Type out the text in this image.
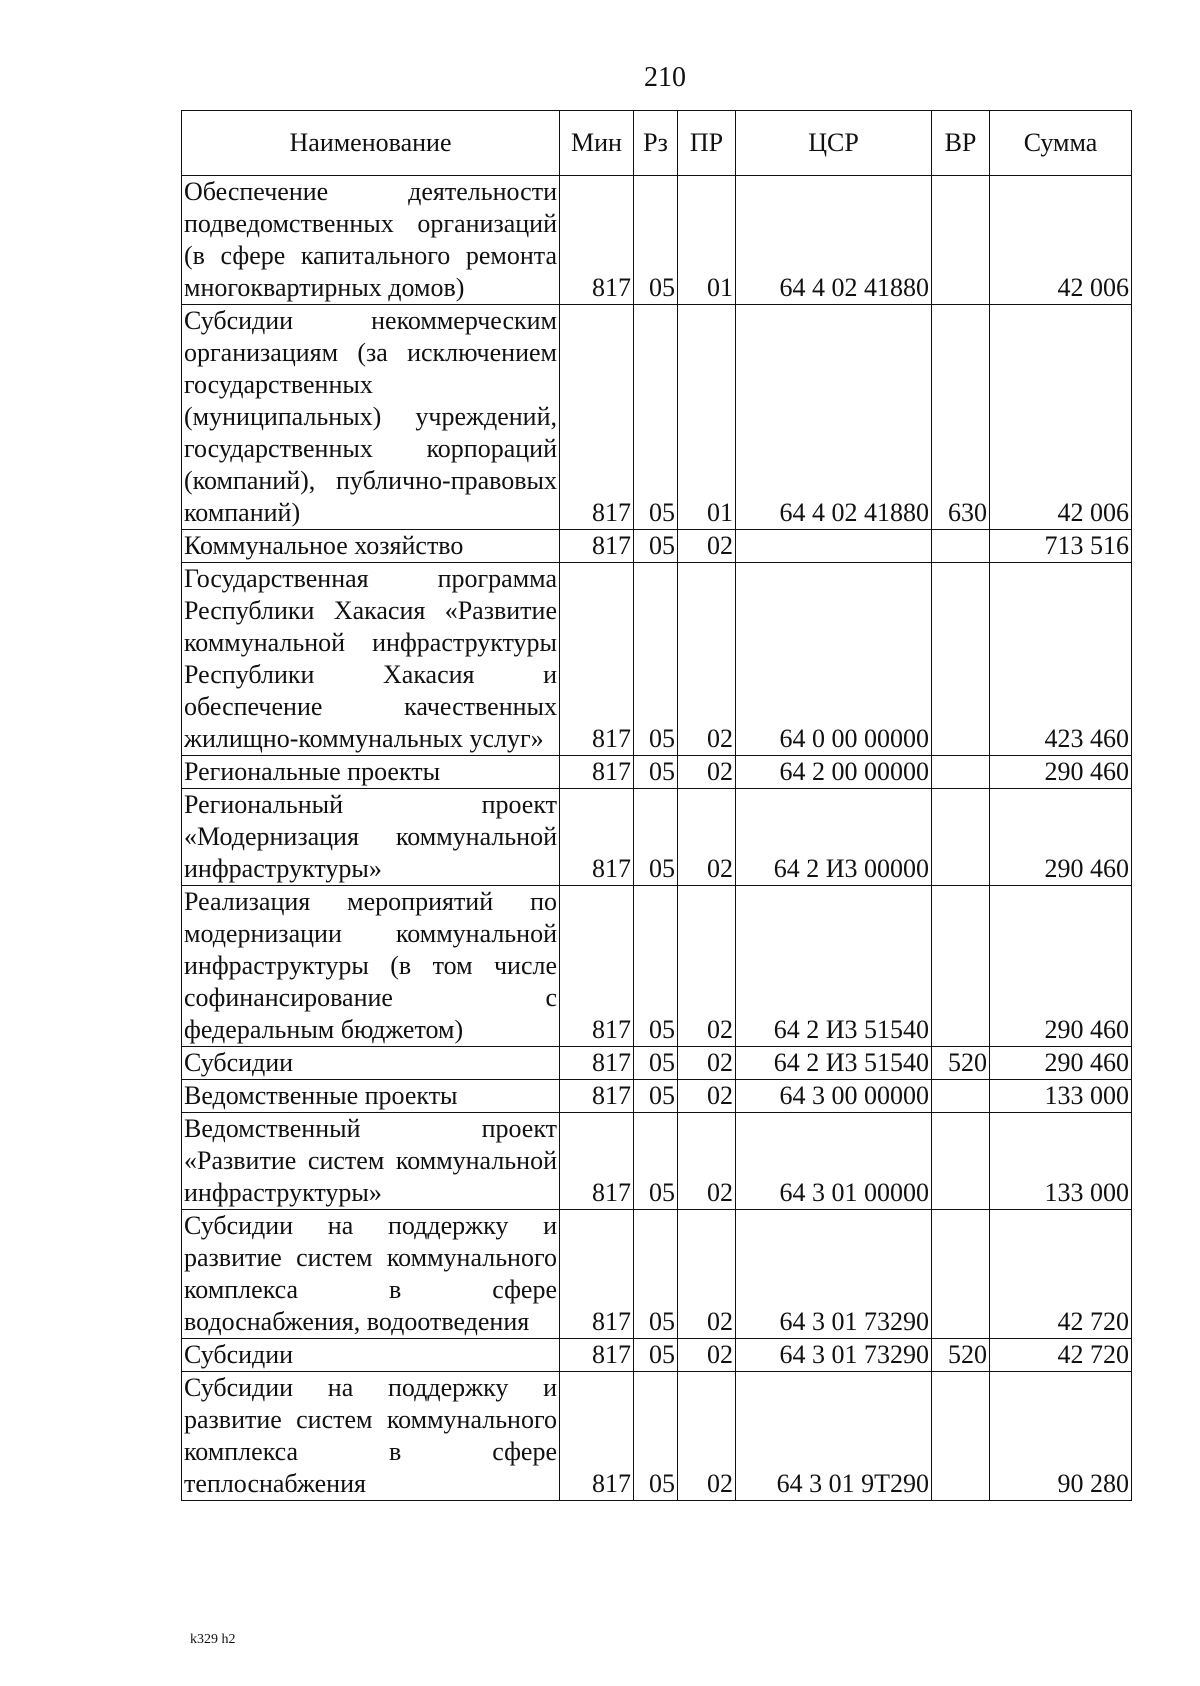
210
Наименование	Мин	Рз	ПР	ЦСР	ВР	Сумма
Обеспечение деятельности подведомственных организаций (в сфере капитального ремонта многоквартирных домов)	817	05	01	64 4 02 41880		42 006
Субсидии некоммерческим организациям (за исключением государственных (муниципальных) учреждений, государственных корпораций (компаний), публично-правовых компаний)	817	05	01	64 4 02 41880	630	42 006
Коммунальное хозяйство	817	05	02			713 516
Государственная программа Республики Хакасия «Развитие коммунальной инфраструктуры Республики Хакасия и обеспечение качественных жилищно-коммунальных услуг»	817	05	02	64 0 00 00000		423 460
Региональные проекты	817	05	02	64 2 00 00000		290 460
Региональный проект «Модернизация коммунальной инфраструктуры»	817	05	02	64 2 И3 00000		290 460
Реализация мероприятий по модернизации коммунальной инфраструктуры (в том числе софинансирование с федеральным бюджетом)	817	05	02	64 2 И3 51540		290 460
Субсидии	817	05	02	64 2 И3 51540	520	290 460
Ведомственные проекты	817	05	02	64 3 00 00000		133 000
Ведомственный проект «Развитие систем коммунальной инфраструктуры»	817	05	02	64 3 01 00000		133 000
Субсидии на поддержку и развитие систем коммунального комплекса в сфере водоснабжения, водоотведения	817	05	02	64 3 01 73290		42 720
Субсидии	817	05	02	64 3 01 73290	520	42 720
Субсидии на поддержку и развитие систем коммунального комплекса в сфере теплоснабжения	817	05	02	64 3 01 9Т290		90 280
k329 h2
